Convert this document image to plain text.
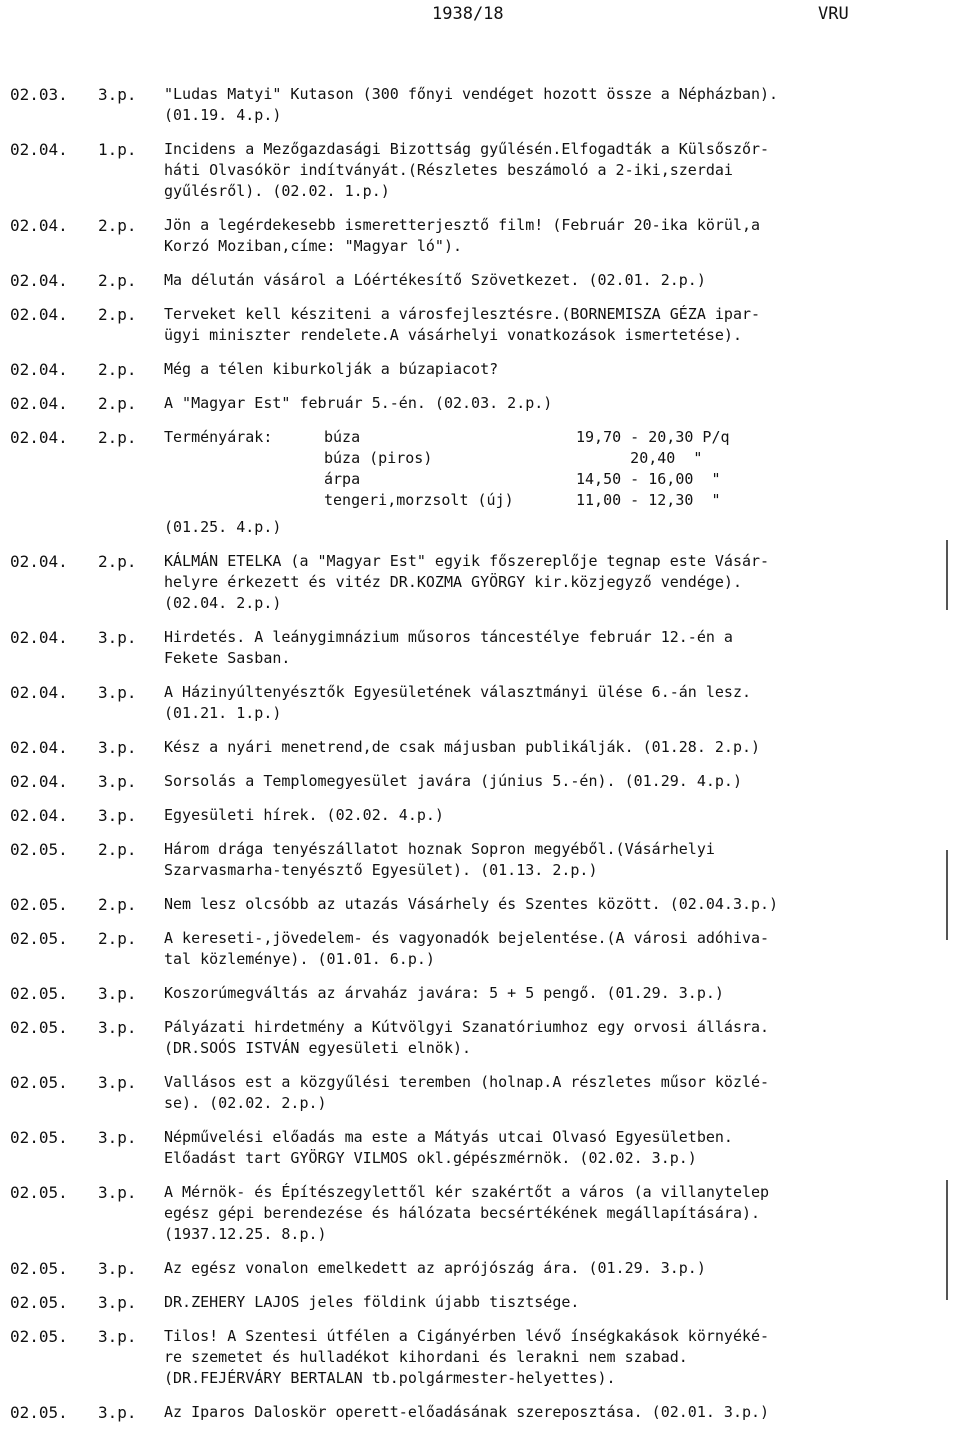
1938/18	VRU
02.03.	3.p.	"Ludas Matyi" Kutason (300 főnyi vendéget hozott össze a Népházban).
(01.19. 4.p.)
02.04.	1.p.	Incidens a Mezőgazdasági Bizottság gyűlésén.Elfogadták a Külsőszőr-
háti Olvasókör indítványát.(Részletes beszámoló a 2-iki,szerdai
gyűlésről). (02.02. 1.p.)
02.04.	2.p.	Jön a legérdekesebb ismeretterjesztő film! (Február 20-ika körül,a
Korzó Moziban,címe: "Magyar ló").
02.04.	2.p.	Ma délután vásárol a Lóértékesítő Szövetkezet. (02.01. 2.p.)
02.04.	2.p.	Terveket kell késziteni a városfejlesztésre.(BORNEMISZA GÉZA ipar-
ügyi miniszter rendelete.A vásárhelyi vonatkozások ismertetése).
02.04.	2.p.	Még a télen kiburkolják a búzapiacot?
02.04.	2.p.	A "Magyar Est" február 5.-én. (02.03. 2.p.)
02.04.	2.p.	Terményárak:	búza	19,70 - 20,30 P/q
búza (piros)	20,40  "
árpa	14,50 - 16,00  "
tengeri,morzsolt (új)	11,00 - 12,30  "
(01.25. 4.p.)
02.04.	2.p.	KÁLMÁN ETELKA (a "Magyar Est" egyik főszereplője tegnap este Vásár-
helyre érkezett és vitéz DR.KOZMA GYÖRGY kir.közjegyző vendége).
(02.04. 2.p.)
02.04.	3.p.	Hirdetés. A leánygimnázium műsoros táncestélye február 12.-én a
Fekete Sasban.
02.04.	3.p.	A Házinyúltenyésztők Egyesületének választmányi ülése 6.-án lesz.
(01.21. 1.p.)
02.04.	3.p.	Kész a nyári menetrend,de csak májusban publikálják. (01.28. 2.p.)
02.04.	3.p.	Sorsolás a Templomegyesület javára (június 5.-én). (01.29. 4.p.)
02.04.	3.p.	Egyesületi hírek. (02.02. 4.p.)
02.05.	2.p.	Három drága tenyészállatot hoznak Sopron megyéből.(Vásárhelyi
Szarvasmarha-tenyésztő Egyesület). (01.13. 2.p.)
02.05.	2.p.	Nem lesz olcsóbb az utazás Vásárhely és Szentes között. (02.04.3.p.)
02.05.	2.p.	A kereseti-,jövedelem- és vagyonadók bejelentése.(A városi adóhiva-
tal közleménye). (01.01. 6.p.)
02.05.	3.p.	Koszorúmegváltás az árvaház javára: 5 + 5 pengő. (01.29. 3.p.)
02.05.	3.p.	Pályázati hirdetmény a Kútvölgyi Szanatóriumhoz egy orvosi állásra.
(DR.SOÓS ISTVÁN egyesületi elnök).
02.05.	3.p.	Vallásos est a közgyűlési teremben (holnap.A részletes műsor közlé-
se). (02.02. 2.p.)
02.05.	3.p.	Népművelési előadás ma este a Mátyás utcai Olvasó Egyesületben.
Előadást tart GYÖRGY VILMOS okl.gépészmérnök. (02.02. 3.p.)
02.05.	3.p.	A Mérnök- és Építészegylettől kér szakértőt a város (a villanytelep
egész gépi berendezése és hálózata becsértékének megállapítására).
(1937.12.25. 8.p.)
02.05.	3.p.	Az egész vonalon emelkedett az aprójószág ára. (01.29. 3.p.)
02.05.	3.p.	DR.ZEHERY LAJOS jeles földink újabb tisztsége.
02.05.	3.p.	Tilos! A Szentesi útfélen a Cigányérben lévő ínségkakások környéké-
re szemetet és hulladékot kihordani és lerakni nem szabad.
(DR.FEJÉRVÁRY BERTALAN tb.polgármester-helyettes).
02.05.	3.p.	Az Iparos Daloskör operett-előadásának szereposztása. (02.01. 3.p.)
